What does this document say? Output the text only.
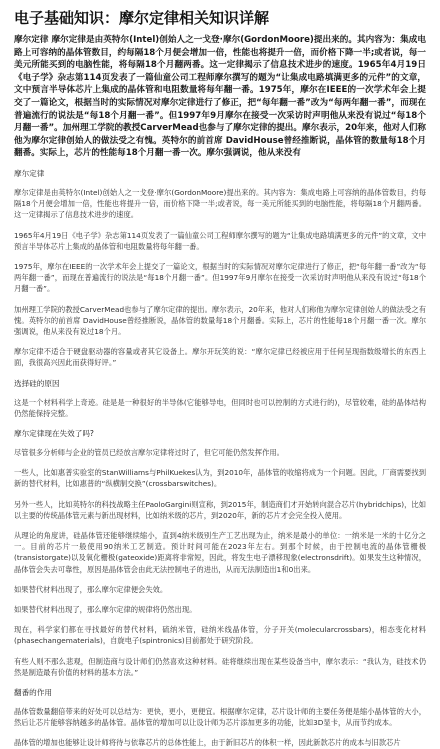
电子基础知识：摩尔定律相关知识详解

摩尔定律 摩尔定律是由英特尔(Intel)创始人之一戈登·摩尔(GordonMoore)提出来的。其内容为：集成电路上可容纳的晶体管数目，约每隔18个月便会增加一倍，性能也将提升一倍，而价格下降一半;或者说，每一美元所能买到的电脑性能，将每隔18个月翻两番。这一定律揭示了信息技术进步的速度。1965年4月19日《电子学》杂志第114页发表了一篇仙童公司工程师摩尔撰写的题为“让集成电路填满更多的元件”的文章，文中预言半导体芯片上集成的晶体管和电阻数量将每年翻一番。1975年，摩尔在IEEE的一次学术年会上提交了一篇论文，根据当时的实际情况对摩尔定律进行了修正，把“每年翻一番”改为“每两年翻一番”，而现在普遍流行的说法是“每18个月翻一番”。但1997年9月摩尔在接受一次采访时声明他从来没有说过“每18个月翻一番”。加州理工学院的教授CarverMead也参与了摩尔定律的提出。摩尔表示，20年来，他对人们称他为摩尔定律创始人的做法受之有愧。英特尔的前首席 DavidHouse曾经推断说，晶体管的数量每18个月翻番。实际上，芯片的性能每18个月翻一番一次。摩尔强调说，他从来没有

摩尔定律

摩尔定律是由英特尔(Intel)创始人之一戈登·摩尔(GordonMoore)提出来的。其内容为：集成电路上可容纳的晶体管数目，约每隔18个月便会增加一倍，性能也将提升一倍，而价格下降一半;或者说，每一美元所能买到的电脑性能，将每隔18个月翻两番。这一定律揭示了信息技术进步的速度。

1965年4月19日《电子学》杂志第114页发表了一篇仙童公司工程师摩尔撰写的题为“让集成电路填满更多的元件”的文章，文中预言半导体芯片上集成的晶体管和电阻数量将每年翻一番。

1975年，摩尔在IEEE的一次学术年会上提交了一篇论文，根据当时的实际情况对摩尔定律进行了修正，把“每年翻一番”改为“每两年翻一番”，而现在普遍流行的说法是“每18个月翻一番”。但1997年9月摩尔在接受一次采访时声明他从来没有说过“每18个月翻一番”。

加州理工学院的教授CarverMead也参与了摩尔定律的提出。摩尔表示，20年来，他对人们称他为摩尔定律创始人的做法受之有愧。英特尔的前首席 DavidHouse曾经推断说，晶体管的数量每18个月翻番。实际上，芯片的性能每18个月翻一番一次。摩尔强调说，他从来没有说过18个月。

摩尔定律不适合于硬盘驱动器的容量或者其它设备上。摩尔开玩笑的说：“摩尔定律已经被应用于任何呈现指数级增长的东西上面，我很高兴因此而获得好评。”

选择硅的原因

这是一个材料科学上奇迹。硅是是一种很好的半导体(它能够导电，但同时也可以控制的方式进行的)，尽管较难，硅的晶体结构仍然能保持完整。

摩尔定律现在失效了吗?

尽管很多分析师与企业的管员已经放言摩尔定律将过时了，但它可能仍然发挥作用。

一些人，比如惠普实验室的StanWilliams与PhilKuekes认为，到2010年，晶体管的收缩将成为一个问题。因此，厂商需要找到新的替代材料，比如惠普的“纵横制交换”(crossbarswitches)。

另外一些人，比如英特尔的科技战略主任PaoloGargini则宣称，到2015年，制造商们才开始转向混合芯片(hybridchips)，比如以主要的传统晶体管元素与新出现材料，比如纳米级的芯片，到2020年，新的芯片才会完全投入使用。

从理论的角度讲，硅晶体管还能够继续缩小，直到4纳米级别生产工艺出现为止，纳米是最小的单位：一纳米是一米的十亿分之一。目前的芯片一般使用90纳米工艺制造。预计时间可能在2023年左右。到那个时候，由于控制电流的晶体管栅极(transistorgate)以及氧化栅极(gateoxide)距离将非常短，因此，将发生电子漂移现象(electronsdrift)。如果发生这种情况，晶体管会失去可靠性，原因是晶体管会由此无法控制电子的进出，从而无法制造出1和0出来。

如果替代材料出现了，那么摩尔定律便会失效。

如果替代材料出现了，那么摩尔定律的规律将仍然出现。

现在，科学家们都在寻找最好的替代材料，硫纳米管，硅纳米线晶体管，分子开关(molecularcrossbars)，相态变化材料(phasechangematerials)，自旋电子(spintronics)目前都处于研究阶段。

有些人则不那么悲观，但制造商与设计师们仍然喜欢这种材料。硅将继续出现在某些设备当中，摩尔表示：“我认为，硅技术仍然是制造最有价值的材料的基本方法。”

翻番的作用

晶体管数量翻倍带来的好处可以总结为：更快，更小，更便宜。根据摩尔定律，芯片设计师的主要任务便是缩小晶体管的大小，然后让芯片能够容纳越多的晶体管。晶体管的增加可以让设计师为芯片添加更多的功能，比如3D显卡，从而节约成本。

晶体管的增加也能够让设计师将待与依靠芯片的总体性能上，由于新旧芯片的体积一样，因此新款芯片的成本与旧款芯片
